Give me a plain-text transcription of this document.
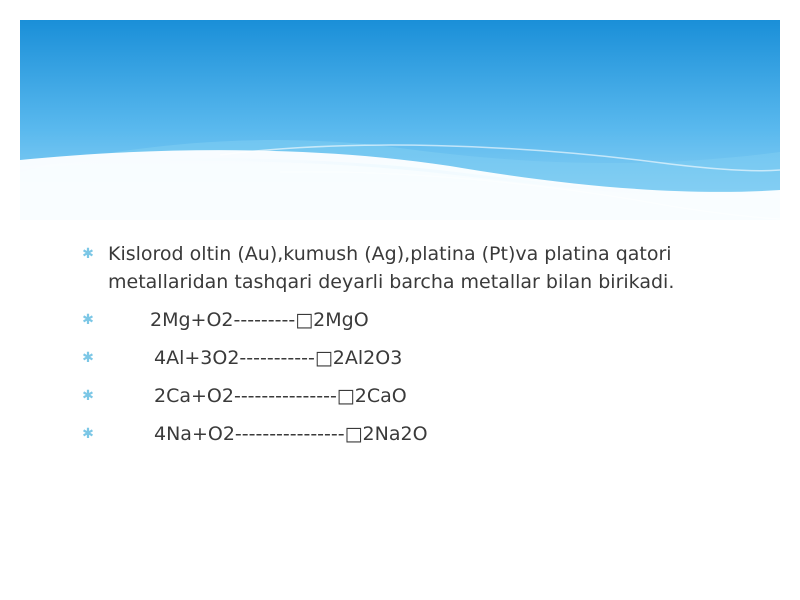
✱ Kislorod oltin (Au),kumush (Ag),platina (Pt)va platina qatori metallaridan tashqari deyarli barcha metallar bilan birikadi.
✱	2Mg+O2---------□2MgO
✱	4Al+3O2-----------□2Al2O3
✱	2Ca+O2---------------□2CaO
✱	4Na+O2----------------□2Na2O
